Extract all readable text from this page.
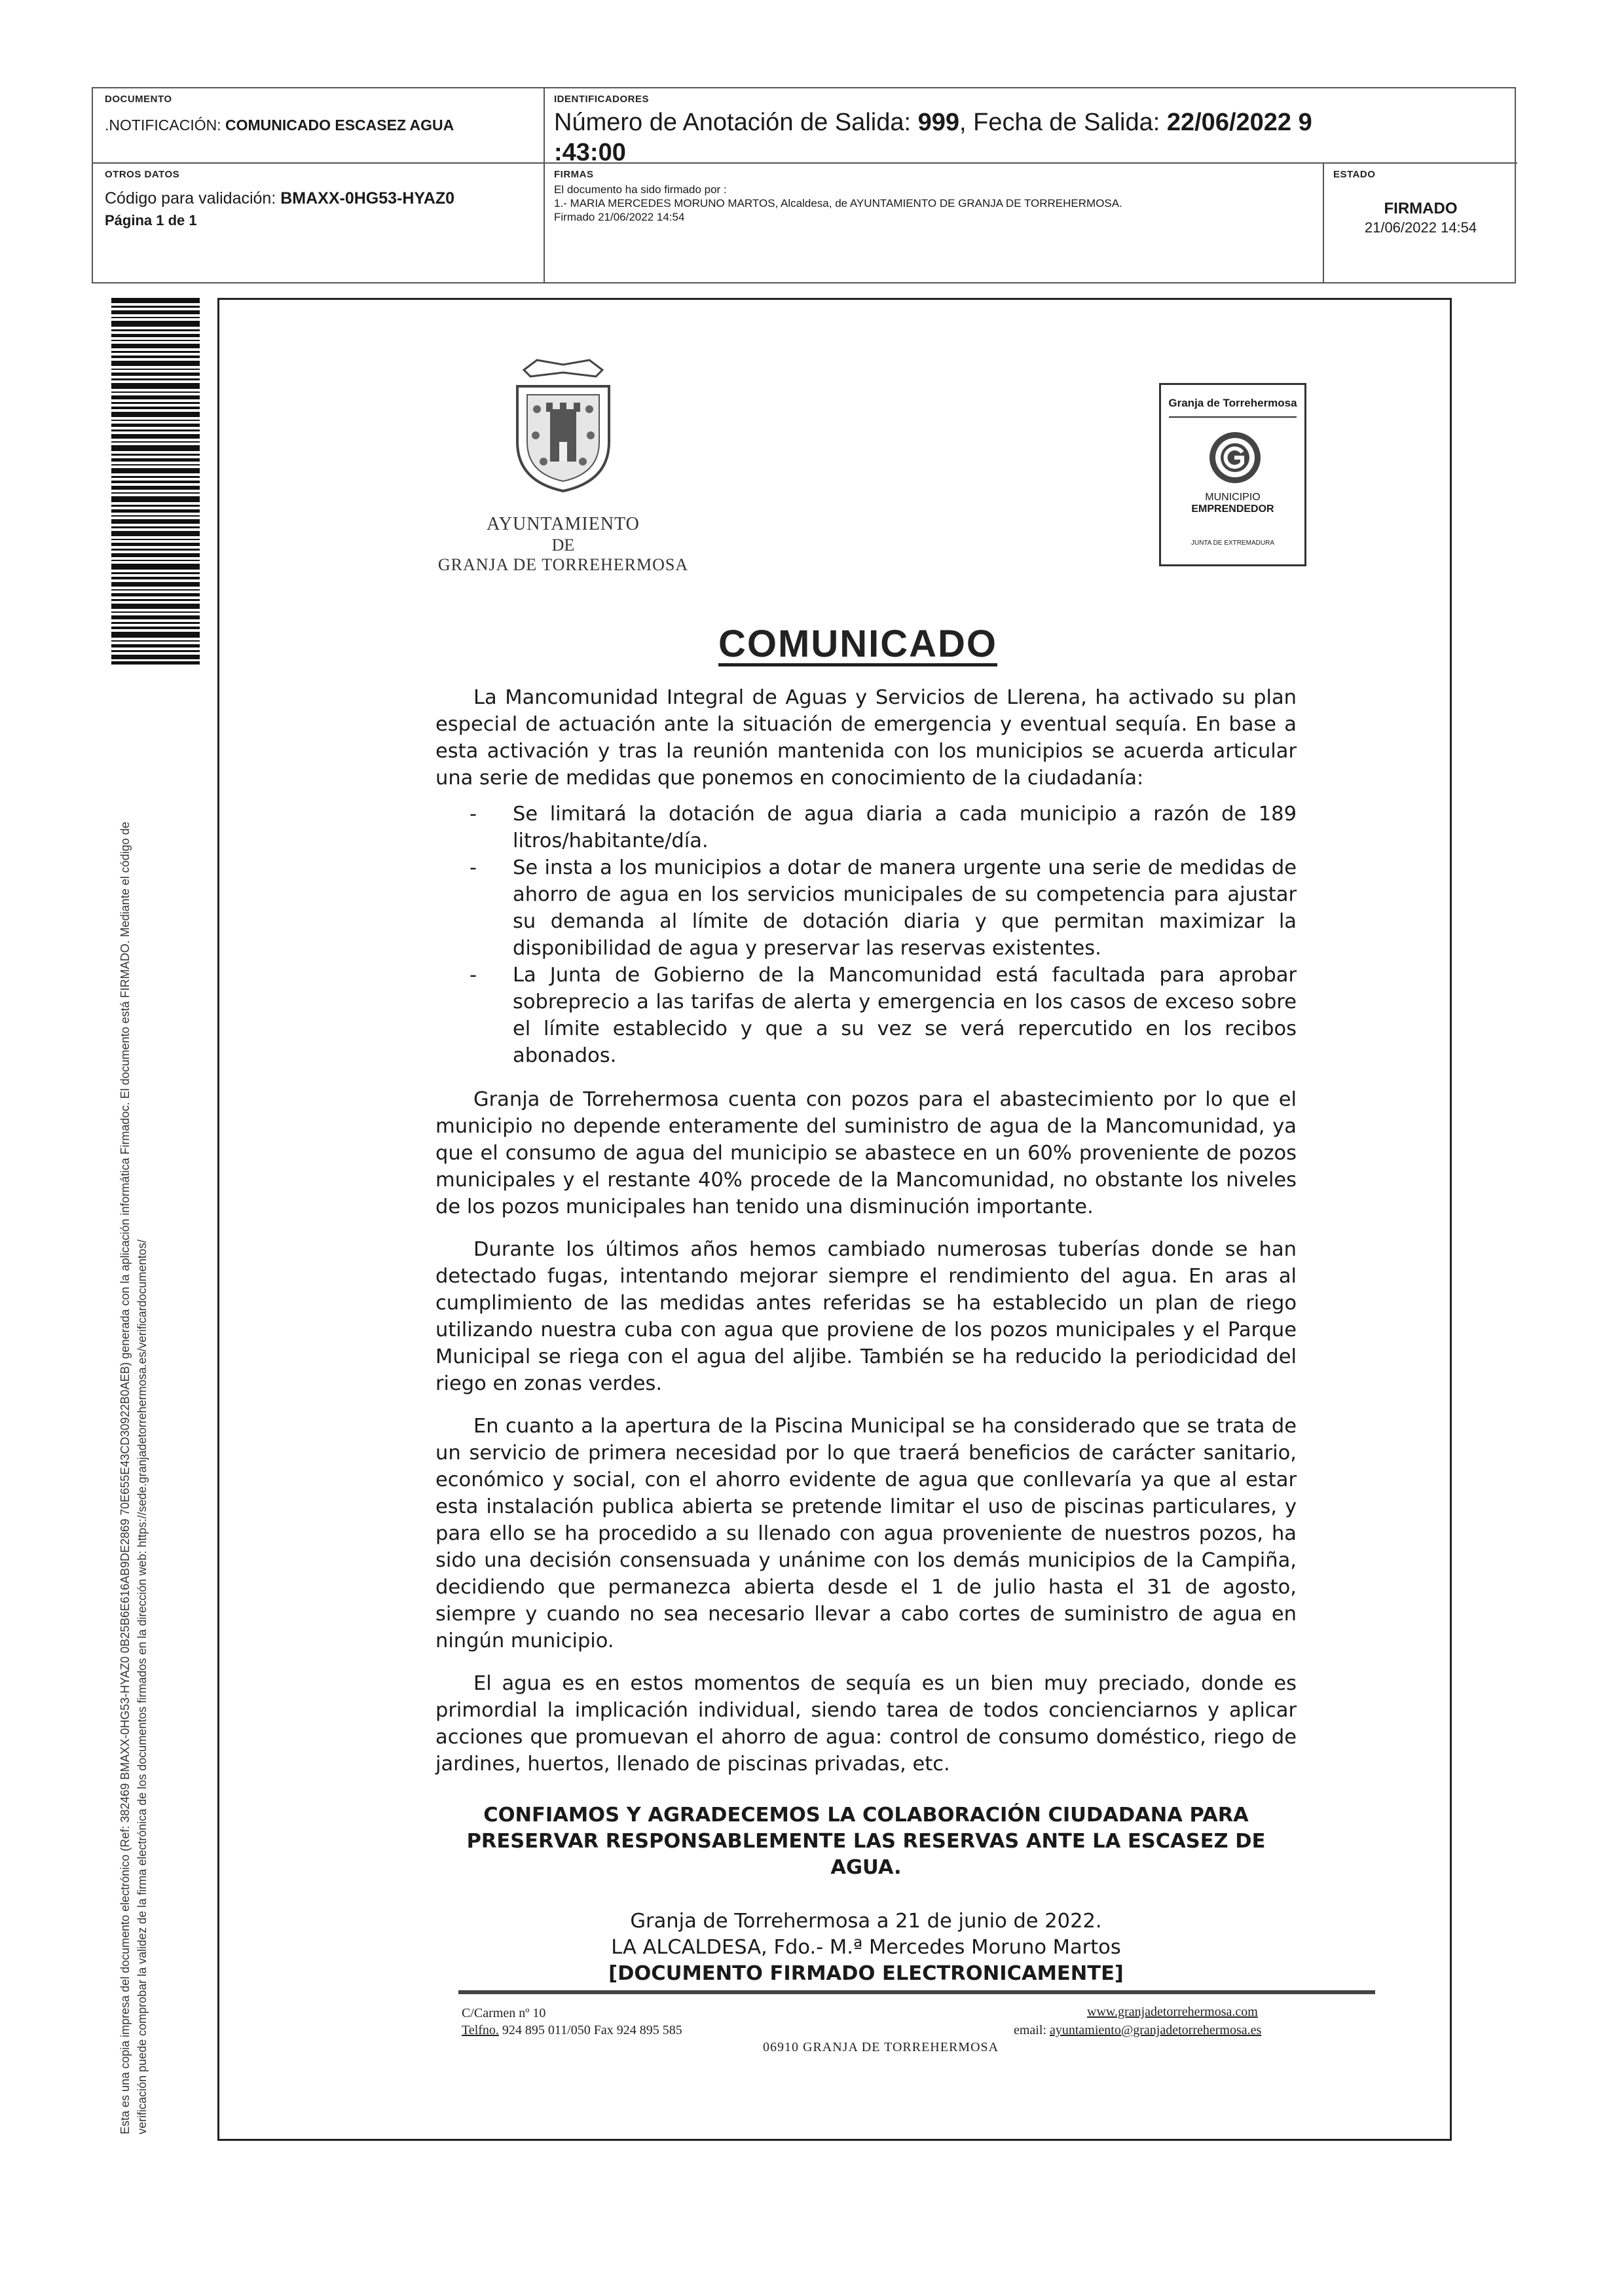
DOCUMENTO
.NOTIFICACIÓN: COMUNICADO ESCASEZ AGUA
IDENTIFICADORES
Número de Anotación de Salida: 999, Fecha de Salida: 22/06/2022 9
:43:00
OTROS DATOS
Código para validación: BMAXX-0HG53-HYAZ0
Página 1 de 1
FIRMAS
El documento ha sido firmado por :
1.- MARIA MERCEDES MORUNO MARTOS, Alcaldesa, de AYUNTAMIENTO DE GRANJA DE TORREHERMOSA.
Firmado 21/06/2022 14:54
ESTADO
FIRMADO
21/06/2022 14:54
Esta es una copia impresa del documento electrónico (Ref: 382469 BMAXX-0HG53-HYAZ0 0B25B6E616AB9DE2869 70E655E43CD30922B0AEB) generada con la aplicación informática Firmadoc. El documento está FIRMADO. Mediante el código de verificación puede comprobar la validez de la firma electrónica de los documentos firmados en la dirección web: https://sede.granjadetorrehermosa.es/verificardocumentos/
AYUNTAMIENTO
DE
GRANJA DE TORREHERMOSA
Granja de Torrehermosa
MUNICIPIO
EMPRENDEDOR
JUNTA DE EXTREMADURA
COMUNICADO

La Mancomunidad Integral de Aguas y Servicios de Llerena, ha activado su plan especial de actuación ante la situación de emergencia y eventual sequía. En base a esta activación y tras la reunión mantenida con los municipios se acuerda articular una serie de medidas que ponemos en conocimiento de la ciudadanía:

- Se limitará la dotación de agua diaria a cada municipio a razón de 189 litros/habitante/día.
- Se insta a los municipios a dotar de manera urgente una serie de medidas de ahorro de agua en los servicios municipales de su competencia para ajustar su demanda al límite de dotación diaria y que permitan maximizar la disponibilidad de agua y preservar las reservas existentes.
- La Junta de Gobierno de la Mancomunidad está facultada para aprobar sobreprecio a las tarifas de alerta y emergencia en los casos de exceso sobre el límite establecido y que a su vez se verá repercutido en los recibos abonados.

Granja de Torrehermosa cuenta con pozos para el abastecimiento por lo que el municipio no depende enteramente del suministro de agua de la Mancomunidad, ya que el consumo de agua del municipio se abastece en un 60% proveniente de pozos municipales y el restante 40% procede de la Mancomunidad, no obstante los niveles de los pozos municipales han tenido una disminución importante.

Durante los últimos años hemos cambiado numerosas tuberías donde se han detectado fugas, intentando mejorar siempre el rendimiento del agua. En aras al cumplimiento de las medidas antes referidas se ha establecido un plan de riego utilizando nuestra cuba con agua que proviene de los pozos municipales y el Parque Municipal se riega con el agua del aljibe. También se ha reducido la periodicidad del riego en zonas verdes.

En cuanto a la apertura de la Piscina Municipal se ha considerado que se trata de un servicio de primera necesidad por lo que traerá beneficios de carácter sanitario, económico y social, con el ahorro evidente de agua que conllevaría ya que al estar esta instalación publica abierta se pretende limitar el uso de piscinas particulares, y para ello se ha procedido a su llenado con agua proveniente de nuestros pozos, ha sido una decisión consensuada y unánime con los demás municipios de la Campiña, decidiendo que permanezca abierta desde el 1 de julio hasta el 31 de agosto, siempre y cuando no sea necesario llevar a cabo cortes de suministro de agua en ningún municipio.

El agua es en estos momentos de sequía es un bien muy preciado, donde es primordial la implicación individual, siendo tarea de todos concienciarnos y aplicar acciones que promuevan el ahorro de agua: control de consumo doméstico, riego de jardines, huertos, llenado de piscinas privadas, etc.

CONFIAMOS Y AGRADECEMOS LA COLABORACIÓN CIUDADANA PARA
PRESERVAR RESPONSABLEMENTE LAS RESERVAS ANTE LA ESCASEZ DE AGUA.
Granja de Torrehermosa a 21 de junio de 2022.
LA ALCALDESA, Fdo.- M.ª Mercedes Moruno Martos
[DOCUMENTO FIRMADO ELECTRONICAMENTE]
C/Carmen nº 10	www.granjadetorrehermosa.com
Telfno. 924 895 011/050 Fax 924 895 585	email: ayuntamiento@granjadetorrehermosa.es
06910 GRANJA DE TORREHERMOSA
